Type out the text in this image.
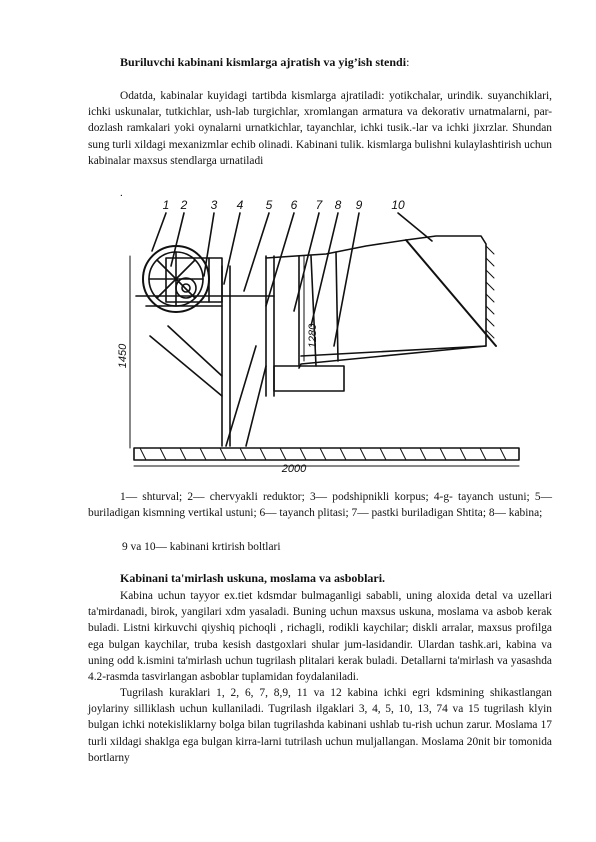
Buriluvchi kabinani kismlarga ajratish va yig’ish stendi:

Odatda, kabinalar kuyidagi tartibda kismlarga ajratiladi: yotikchalar, urindik. suyanchiklari, ichki uskunalar, tutkichlar, ush-lab turgichlar, xromlangan armatura va dekorativ urnatmalarni, par-dozlash ramkalari yoki oynalarni urnatkichlar, tayanchlar, ichki tusik.-lar va ichki jixrzlar. Shundan sung turli xildagi mexanizmlar echib olinadi. Kabinani tulik. kismlarga bulishni kulaylashtirish uchun kabinalar maxsus stendlarga urnatiladi

.
1 2 3 4 5 6 7 8 9 10
1450
1280
2000

1— shturval; 2— chervyakli reduktor; 3— podshipnikli korpus; 4-g- tayanch ustuni; 5— buriladigan kismning vertikal ustuni; 6— tayanch plitasi; 7— pastki buriladigan Shtita; 8— kabina;

9 va 10— kabinani krtirish boltlari

Kabinani ta'mirlash uskuna, moslama va asboblari.

Kabina uchun tayyor ex.tiet kdsmdar bulmaganligi sababli, uning aloxida detal va uzellari ta'mirdanadi, birok, yangilari xdm yasaladi. Buning uchun maxsus uskuna, moslama va asbob kerak buladi. Listni kirkuvchi qiyshiq pichoqli , richagli, rodikli kaychilar; diskli arralar, maxsus profilga ega bulgan kaychilar, truba kesish dastgoxlari shular jum-lasidandir. Ulardan tashk.ari, kabina va uning odd k.ismini ta'mirlash uchun tugrilash plitalari kerak buladi. Detallarni ta'mirlash va yasashda 4.2-rasmda tasvirlangan asboblar tuplamidan foydalaniladi.

Tugrilash kuraklari 1, 2, 6, 7, 8,9, 11 va 12 kabina ichki egri kdsmining shikastlangan joylariny silliklash uchun kullaniladi. Tugrilash ilgaklari 3, 4, 5, 10, 13, 74 va 15 tugrilash klyin bulgan ichki notekisliklarny bolga bilan tugrilashda kabinani ushlab tu-rish uchun zarur. Moslama 17 turli xildagi shaklga ega bulgan kirra-larni tutrilash uchun muljallangan. Moslama 20nit bir tomonida bortlarny
